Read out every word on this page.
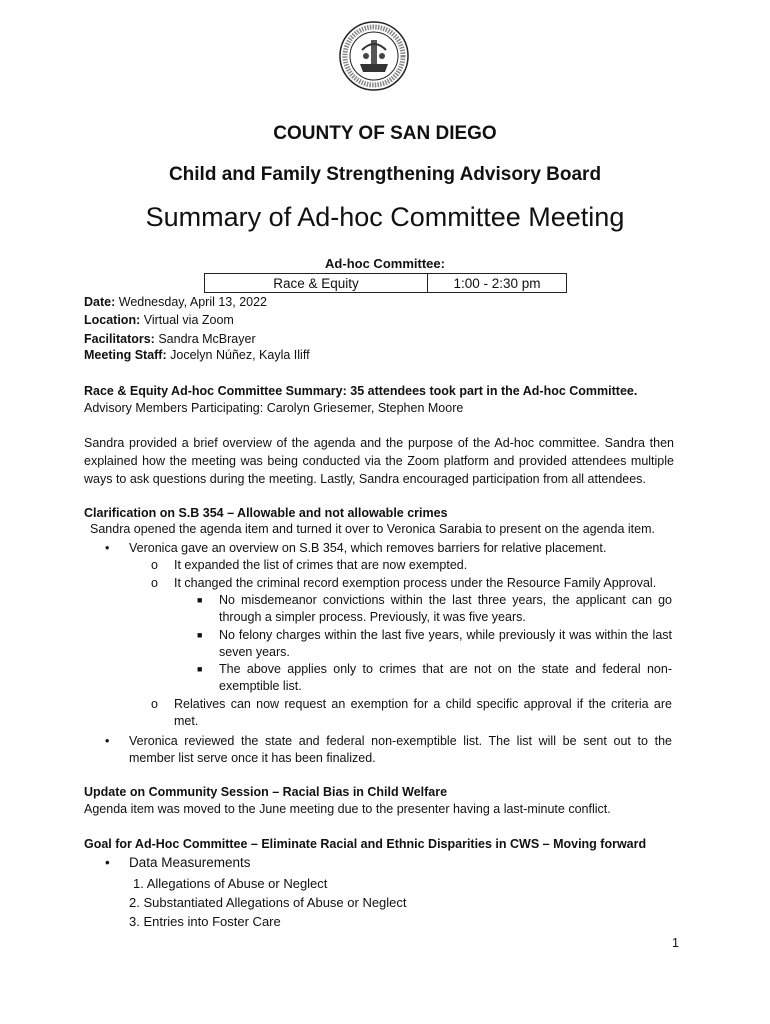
COUNTY OF SAN DIEGO
Child and Family Strengthening Advisory Board
Summary of Ad-hoc Committee Meeting
Ad-hoc Committee:
Race & Equity	1:00 - 2:30 pm
Date: Wednesday, April 13, 2022
Location: Virtual via Zoom
Facilitators: Sandra McBrayer
Meeting Staff: Jocelyn Núñez, Kayla Iliff
Race & Equity Ad-hoc Committee Summary: 35 attendees took part in the Ad-hoc Committee.
Advisory Members Participating: Carolyn Griesemer, Stephen Moore
Sandra provided a brief overview of the agenda and the purpose of the Ad-hoc committee. Sandra then explained how the meeting was being conducted via the Zoom platform and provided attendees multiple ways to ask questions during the meeting. Lastly, Sandra encouraged participation from all attendees.
Clarification on S.B 354 – Allowable and not allowable crimes
Sandra opened the agenda item and turned it over to Veronica Sarabia to present on the agenda item.
• Veronica gave an overview on S.B 354, which removes barriers for relative placement.
o It expanded the list of crimes that are now exempted.
o It changed the criminal record exemption process under the Resource Family Approval.
■ No misdemeanor convictions within the last three years, the applicant can go through a simpler process. Previously, it was five years.
■ No felony charges within the last five years, while previously it was within the last seven years.
■ The above applies only to crimes that are not on the state and federal non-exemptible list.
o Relatives can now request an exemption for a child specific approval if the criteria are met.
• Veronica reviewed the state and federal non-exemptible list. The list will be sent out to the member list serve once it has been finalized.
Update on Community Session – Racial Bias in Child Welfare
Agenda item was moved to the June meeting due to the presenter having a last-minute conflict.
Goal for Ad-Hoc Committee – Eliminate Racial and Ethnic Disparities in CWS – Moving forward
• Data Measurements
1. Allegations of Abuse or Neglect
2. Substantiated Allegations of Abuse or Neglect
3. Entries into Foster Care
1
